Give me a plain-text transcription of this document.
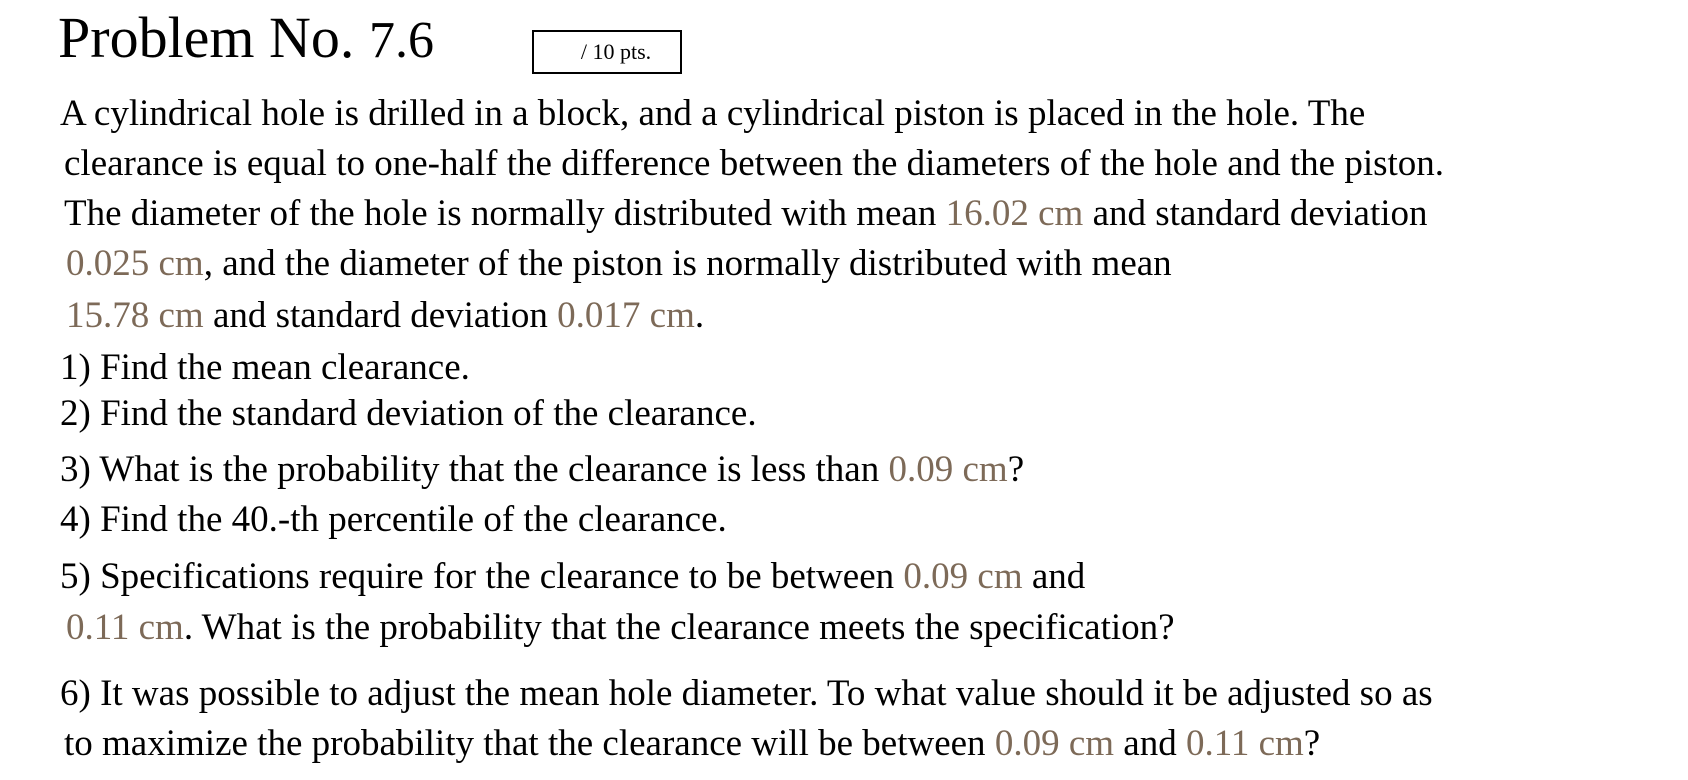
Problem No. 7.6	/ 10 pts.
A cylindrical hole is drilled in a block, and a cylindrical piston is placed in the hole. The
clearance is equal to one-half the difference between the diameters of the hole and the piston.
The diameter of the hole is normally distributed with mean 16.02 cm and standard deviation
0.025 cm, and the diameter of the piston is normally distributed with mean
15.78 cm and standard deviation 0.017 cm.
1) Find the mean clearance.
2) Find the standard deviation of the clearance.
3) What is the probability that the clearance is less than 0.09 cm?
4) Find the 40.-th percentile of the clearance.
5) Specifications require for the clearance to be between 0.09 cm and
0.11 cm. What is the probability that the clearance meets the specification?
6) It was possible to adjust the mean hole diameter. To what value should it be adjusted so as
to maximize the probability that the clearance will be between 0.09 cm and 0.11 cm?
